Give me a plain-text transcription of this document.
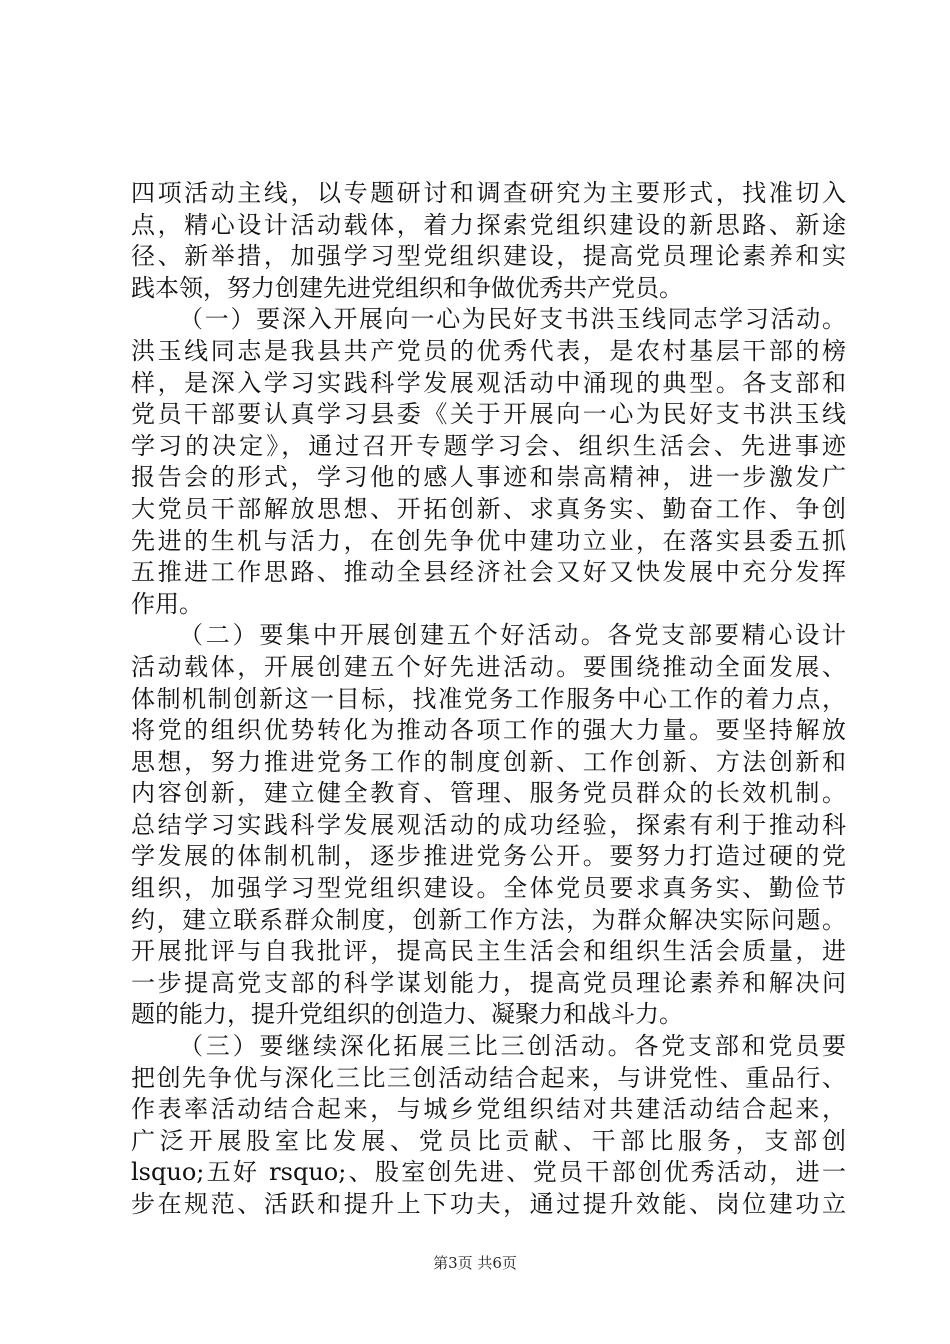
四项活动主线，以专题研讨和调查研究为主要形式，找准切入
点，精心设计活动载体，着力探索党组织建设的新思路、新途
径、新举措，加强学习型党组织建设，提高党员理论素养和实
践本领，努力创建先进党组织和争做优秀共产党员。
（一）要深入开展向一心为民好支书洪玉线同志学习活动。
洪玉线同志是我县共产党员的优秀代表，是农村基层干部的榜
样，是深入学习实践科学发展观活动中涌现的典型。各支部和
党员干部要认真学习县委《关于开展向一心为民好支书洪玉线
学习的决定》，通过召开专题学习会、组织生活会、先进事迹
报告会的形式，学习他的感人事迹和崇高精神，进一步激发广
大党员干部解放思想、开拓创新、求真务实、勤奋工作、争创
先进的生机与活力，在创先争优中建功立业，在落实县委五抓
五推进工作思路、推动全县经济社会又好又快发展中充分发挥
作用。
（二）要集中开展创建五个好活动。各党支部要精心设计
活动载体，开展创建五个好先进活动。要围绕推动全面发展、
体制机制创新这一目标，找准党务工作服务中心工作的着力点，
将党的组织优势转化为推动各项工作的强大力量。要坚持解放
思想，努力推进党务工作的制度创新、工作创新、方法创新和
内容创新，建立健全教育、管理、服务党员群众的长效机制。
总结学习实践科学发展观活动的成功经验，探索有利于推动科
学发展的体制机制，逐步推进党务公开。要努力打造过硬的党
组织，加强学习型党组织建设。全体党员要求真务实、勤俭节
约，建立联系群众制度，创新工作方法，为群众解决实际问题。
开展批评与自我批评，提高民主生活会和组织生活会质量，进
一步提高党支部的科学谋划能力，提高党员理论素养和解决问
题的能力，提升党组织的创造力、凝聚力和战斗力。
（三）要继续深化拓展三比三创活动。各党支部和党员要
把创先争优与深化三比三创活动结合起来，与讲党性、重品行、
作表率活动结合起来，与城乡党组织结对共建活动结合起来，
广泛开展股室比发展、党员比贡献、干部比服务，支部创
lsquo;五好 rsquo;、股室创先进、党员干部创优秀活动，进一
步在规范、活跃和提升上下功夫，通过提升效能、岗位建功立
第3页 共6页
